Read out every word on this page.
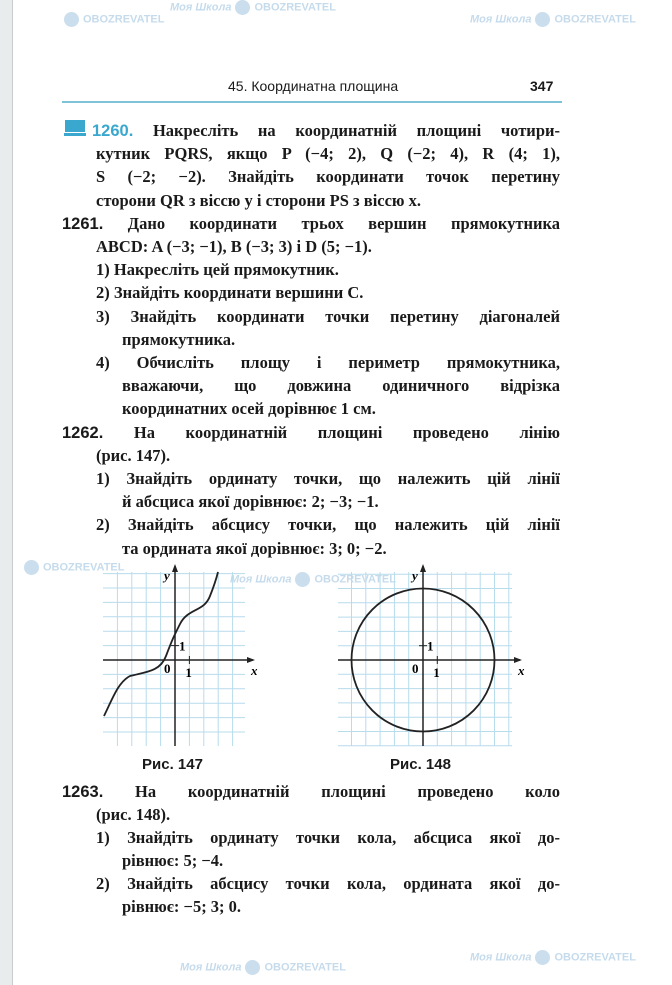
OBOZREVATEL
Моя Школа OBOZREVATEL
Моя Школа OBOZREVATEL
Моя Школа OBOZREVATEL
OBOZREVATEL
Моя Школа OBOZREVATEL
Моя Школа OBOZREVATEL
45. Координатна площина	347
1260. Накресліть на координатній площині чотири-
кутник PQRS, якщо P (−4; 2), Q (−2; 4), R (4; 1),
S (−2; −2). Знайдіть координати точок перетину
сторони QR з віссю y і сторони PS з віссю x.
1261. Дано координати трьох вершин прямокутника
ABCD: A (−3; −1), B (−3; 3) і D (5; −1).
1) Накресліть цей прямокутник.
2) Знайдіть координати вершини C.
3) Знайдіть координати точки перетину діагоналей
прямокутника.
4) Обчисліть площу і периметр прямокутника,
вважаючи, що довжина одиничного відрізка
координатних осей дорівнює 1 см.
1262. На координатній площині проведено лінію
(рис. 147).
1) Знайдіть ординату точки, що належить цій лінії
й абсциса якої дорівнює: 2; −3; −1.
2) Знайдіть абсцису точки, що належить цій лінії
та ордината якої дорівнює: 3; 0; −2.
1
1
0	x
y
Рис. 147
1
1
0	x
y
Рис. 148
1263. На координатній площині проведено коло
(рис. 148).
1) Знайдіть ординату точки кола, абсциса якої до-
рівнює: 5; −4.
2) Знайдіть абсцису точки кола, ордината якої до-
рівнює: −5; 3; 0.
